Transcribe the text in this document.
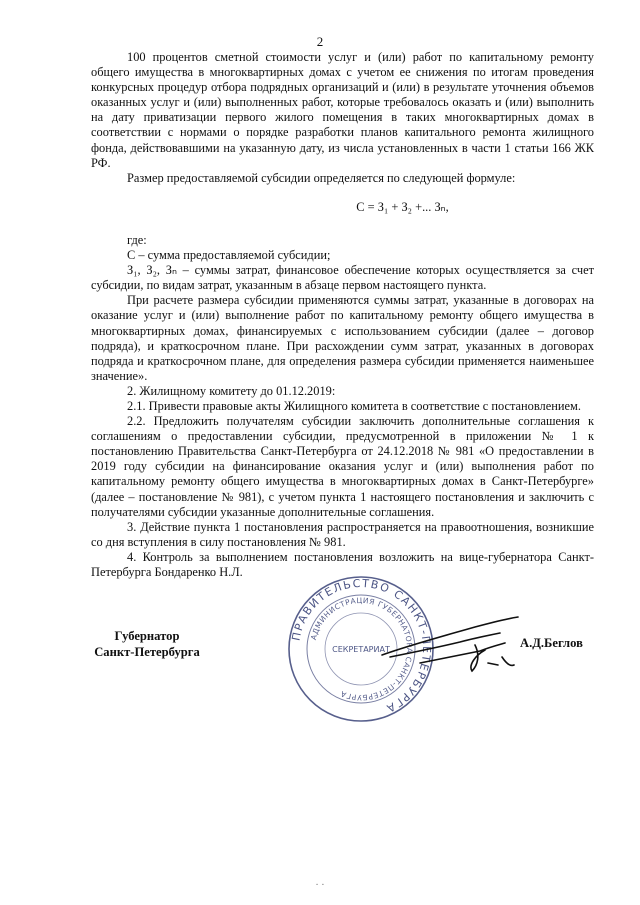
2

100 процентов сметной стоимости услуг и (или) работ по капитальному ремонту общего имущества в многоквартирных домах с учетом ее снижения по итогам проведения конкурсных процедур отбора подрядных организаций и (или) в результате уточнения объемов оказанных услуг и (или) выполненных работ, которые требовалось оказать и (или) выполнить на дату приватизации первого жилого помещения в таких многоквартирных домах в соответствии с нормами о порядке разработки планов капитального ремонта жилищного фонда, действовавшими на указанную дату, из числа установленных в части 1 статьи 166 ЖК РФ.

Размер предоставляемой субсидии определяется по следующей формуле:

С = З₁ + З₂ +... Зₙ,

где:

С – сумма предоставляемой субсидии;

З₁, З₂, Зₙ – суммы затрат, финансовое обеспечение которых осуществляется за счет субсидии, по видам затрат, указанным в абзаце первом настоящего пункта.

При расчете размера субсидии применяются суммы затрат, указанные в договорах на оказание услуг и (или) выполнение работ по капитальному ремонту общего имущества в многоквартирных домах, финансируемых с использованием субсидии (далее – договор подряда), и краткосрочном плане. При расхождении сумм затрат, указанных в договорах подряда и краткосрочном плане, для определения размера субсидии применяется наименьшее значение».

2. Жилищному комитету до 01.12.2019:

2.1. Привести правовые акты Жилищного комитета в соответствие с постановлением.

2.2. Предложить получателям субсидии заключить дополнительные соглашения к соглашениям о предоставлении субсидии, предусмотренной в приложении № 1 к постановлению Правительства Санкт-Петербурга от 24.12.2018 № 981 «О предоставлении в 2019 году субсидии на финансирование оказания услуг и (или) выполнения работ по капитальному ремонту общего имущества в многоквартирных домах в Санкт-Петербурге» (далее – постановление № 981), с учетом пункта 1 настоящего постановления и заключить с получателями субсидии указанные дополнительные соглашения.

3. Действие пункта 1 постановления распространяется на правоотношения, возникшие со дня вступления в силу постановления № 981.

4. Контроль за выполнением постановления возложить на вице-губернатора Санкт-Петербурга Бондаренко Н.Л.

Губернатор
Санкт-Петербурга
ПРАВИТЕЛЬСТВО САНКТ-ПЕТЕРБУРГА
АДМИНИСТРАЦИЯ ГУБЕРНАТОРА САНКТ-ПЕТЕРБУРГА
СЕКРЕТАРИАТ	А.Д.Беглов
· ·
